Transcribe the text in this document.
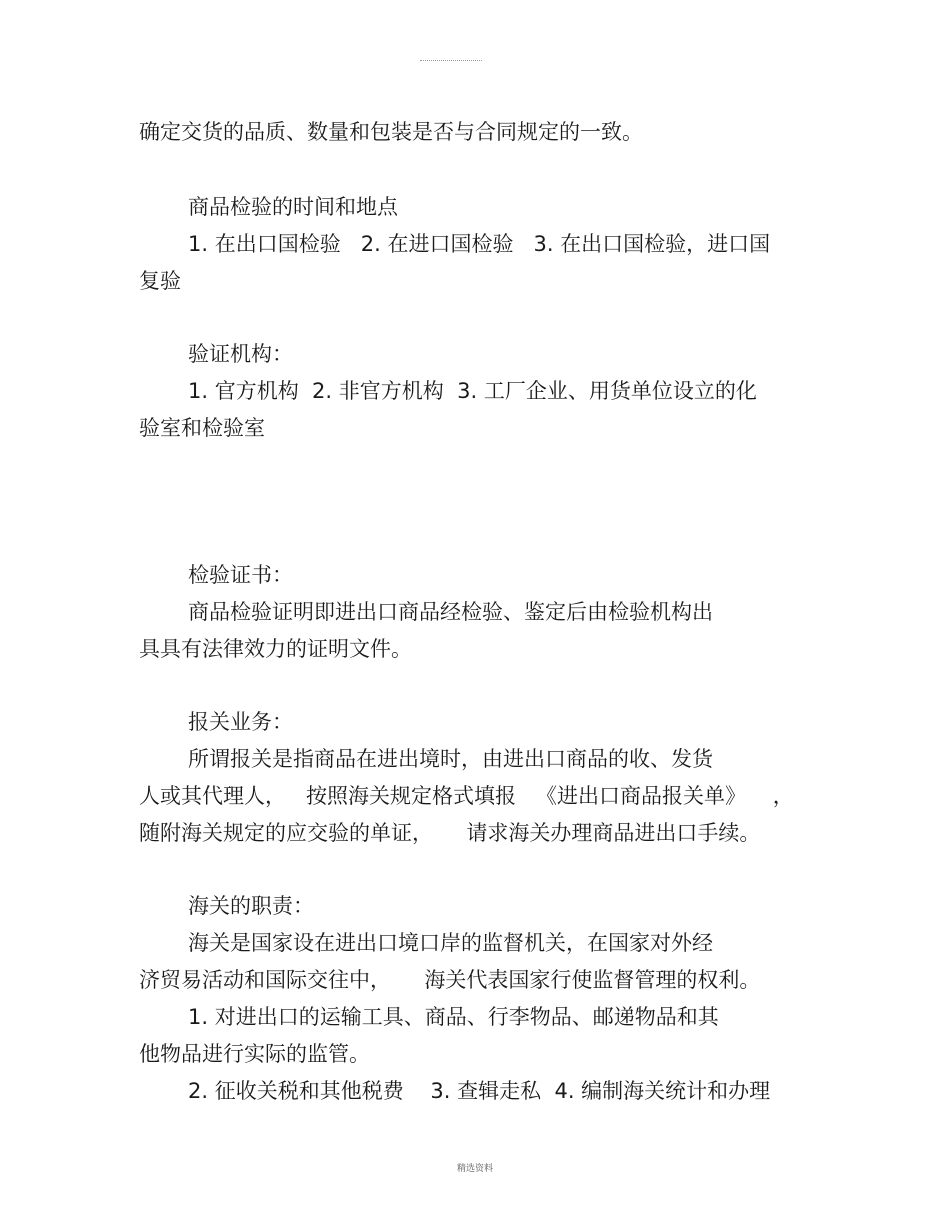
确定交货的品质、数量和包装是否与合同规定的一致。

商品检验的时间和地点

1. 在出口国检验   2. 在进口国检验   3. 在出口国检验，进口国

复验

验证机构：

1. 官方机构  2. 非官方机构  3. 工厂企业、用货单位设立的化

验室和检验室

检验证书：

商品检验证明即进出口商品经检验、鉴定后由检验机构出

具具有法律效力的证明文件。

报关业务：

所谓报关是指商品在进出境时，由进出口商品的收、发货

人或其代理人，   按照海关规定格式填报   《进出口商品报关单》    ，

随附海关规定的应交验的单证，     请求海关办理商品进出口手续。

海关的职责：

海关是国家设在进出口境口岸的监督机关，在国家对外经

济贸易活动和国际交往中，     海关代表国家行使监督管理的权利。

1. 对进出口的运输工具、商品、行李物品、邮递物品和其

他物品进行实际的监管。

2. 征收关税和其他税费    3. 查辑走私  4. 编制海关统计和办理

精选资料
